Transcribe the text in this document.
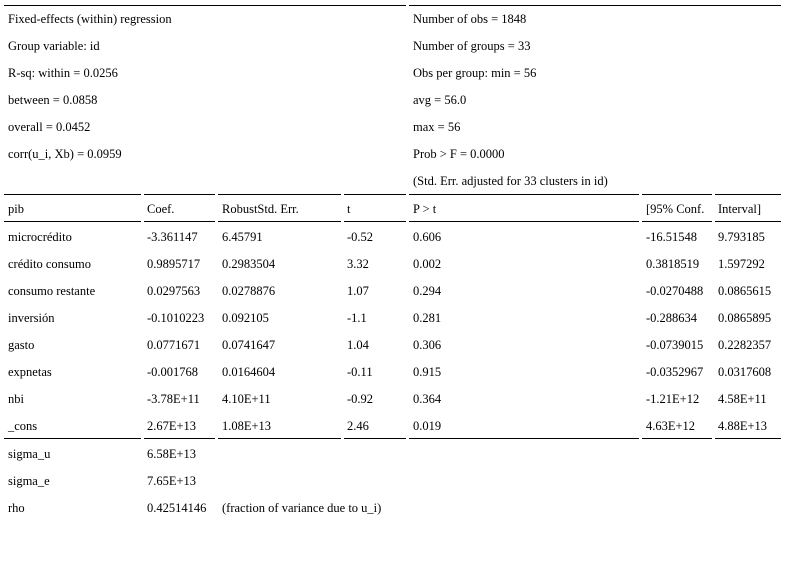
Fixed-effects (within) regression
Group variable: id
R-sq: within = 0.0256
between = 0.0858
overall = 0.0452
corr(u_i, Xb) = 0.0959
Number of obs = 1848
Number of groups = 33
Obs per group: min = 56
avg = 56.0
max = 56
Prob > F = 0.0000
(Std. Err. adjusted for 33 clusters in id)
pib	Coef.	RobustStd. Err.	t	P > t	[95% Conf. Interval]
microcrédito	-3.361147 6.45791	-0.52	0.606	-16.51548 9.793185
crédito consumo	0.9895717 0.2983504	3.32	0.002	0.3818519 1.597292
consumo restante	0.0297563 0.0278876	1.07	0.294	-0.0270488 0.0865615
inversión	-0.1010223 0.092105	-1.1	0.281	-0.288634 0.0865895
gasto	0.0771671 0.0741647	1.04	0.306	-0.0739015 0.2282357
expnetas	-0.001768 0.0164604	-0.11	0.915	-0.0352967 0.0317608
nbi	-3.78E+11 4.10E+11	-0.92	0.364	-1.21E+12 4.58E+11
_cons	2.67E+13 1.08E+13	2.46	0.019	4.63E+12 4.88E+13
sigma_u	6.58E+13
sigma_e	7.65E+13
rho	0.42514146 (fraction of variance due to u_i)
